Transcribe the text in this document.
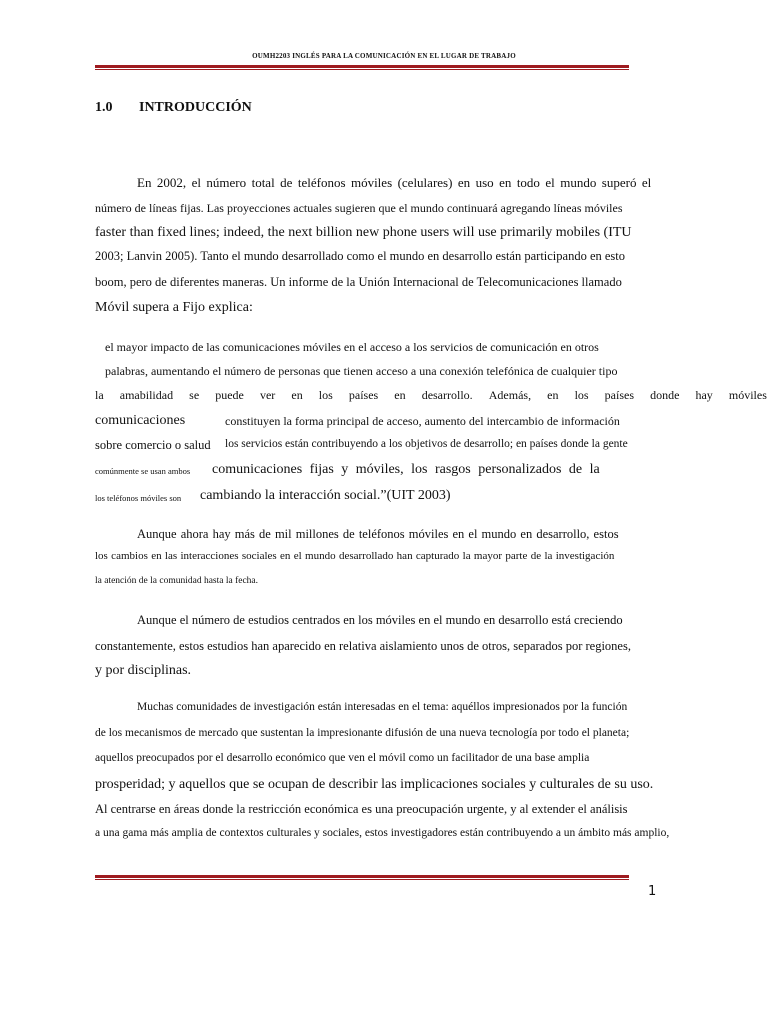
OUMH2203 INGLÉS PARA LA COMUNICACIÓN EN EL LUGAR DE TRABAJO
1.0 INTRODUCCIÓN
En 2002, el número total de teléfonos móviles (celulares) en uso en todo el mundo superó el
número de líneas fijas. Las proyecciones actuales sugieren que el mundo continuará agregando líneas móviles
faster than fixed lines; indeed, the next billion new phone users will use primarily mobiles (ITU
2003; Lanvin 2005). Tanto el mundo desarrollado como el mundo en desarrollo están participando en esto
boom, pero de diferentes maneras. Un informe de la Unión Internacional de Telecomunicaciones llamado
Móvil supera a Fijo explica:
el mayor impacto de las comunicaciones móviles en el acceso a los servicios de comunicación en otros
palabras, aumentando el número de personas que tienen acceso a una conexión telefónica de cualquier tipo
la amabilidad se puede ver en los países en desarrollo. Además, en los países donde hay móviles
comunicaciones	constituyen la forma principal de acceso, aumento del intercambio de información
sobre comercio o salud los servicios están contribuyendo a los objetivos de desarrollo; en países donde la gente
comúnmente se usan ambos comunicaciones fijas y móviles, los rasgos personalizados de la
los teléfonos móviles son cambiando la interacción social.”(UIT 2003)
Aunque ahora hay más de mil millones de teléfonos móviles en el mundo en desarrollo, estos
los cambios en las interacciones sociales en el mundo desarrollado han capturado la mayor parte de la investigación
la atención de la comunidad hasta la fecha.
Aunque el número de estudios centrados en los móviles en el mundo en desarrollo está creciendo
constantemente, estos estudios han aparecido en relativa aislamiento unos de otros, separados por regiones,
y por disciplinas.
Muchas comunidades de investigación están interesadas en el tema: aquéllos impresionados por la función
de los mecanismos de mercado que sustentan la impresionante difusión de una nueva tecnología por todo el planeta;
aquellos preocupados por el desarrollo económico que ven el móvil como un facilitador de una base amplia
prosperidad; y aquellos que se ocupan de describir las implicaciones sociales y culturales de su uso.
Al centrarse en áreas donde la restricción económica es una preocupación urgente, y al extender el análisis
a una gama más amplia de contextos culturales y sociales, estos investigadores están contribuyendo a un ámbito más amplio,
1
